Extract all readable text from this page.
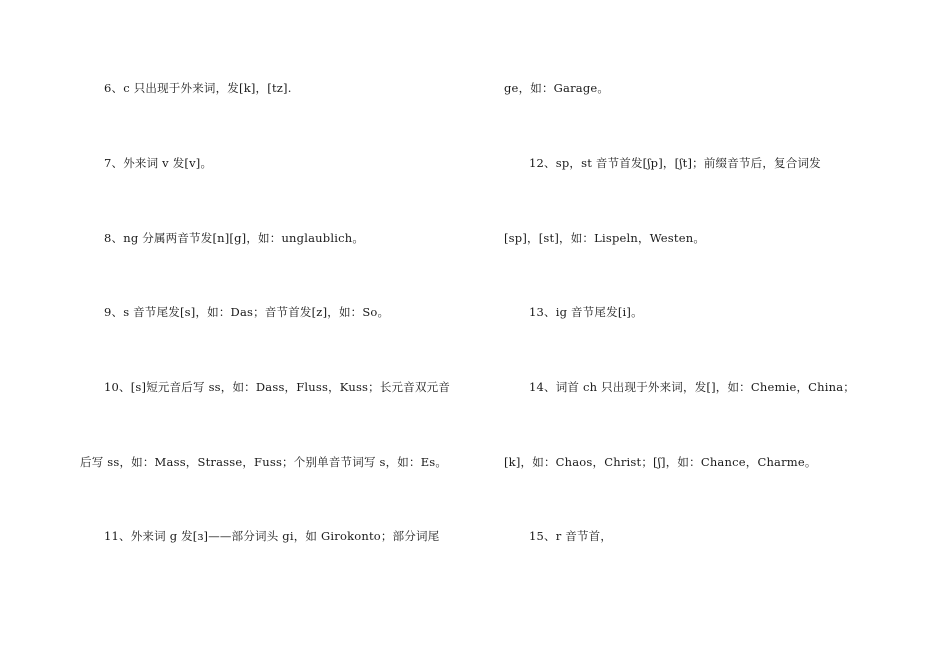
6、c 只出现于外来词，发[k]，[tz].
7、外来词 v 发[v]。
8、ng 分属两音节发[n][g]，如：unglaublich。
9、s 音节尾发[s]，如：Das；音节首发[z]，如：So。
10、[s]短元音后写 ss，如：Dass，Fluss，Kuss；长元音双元音
后写 ss，如：Mass，Strasse，Fuss；个别单音节词写 s，如：Es。
11、外来词 g 发[ɜ]——部分词头 gi，如 Girokonto；部分词尾
ge，如：Garage。
12、sp，st 音节首发[ʃp]，[ʃt]；前缀音节后，复合词发
[sp]，[st]，如：Lispeln，Westen。
13、ig 音节尾发[i]。
14、词首 ch 只出现于外来词，发[]，如：Chemie，China；
[k]，如：Chaos，Christ；[ʃ]，如：Chance，Charme。
15、r 音节首，
